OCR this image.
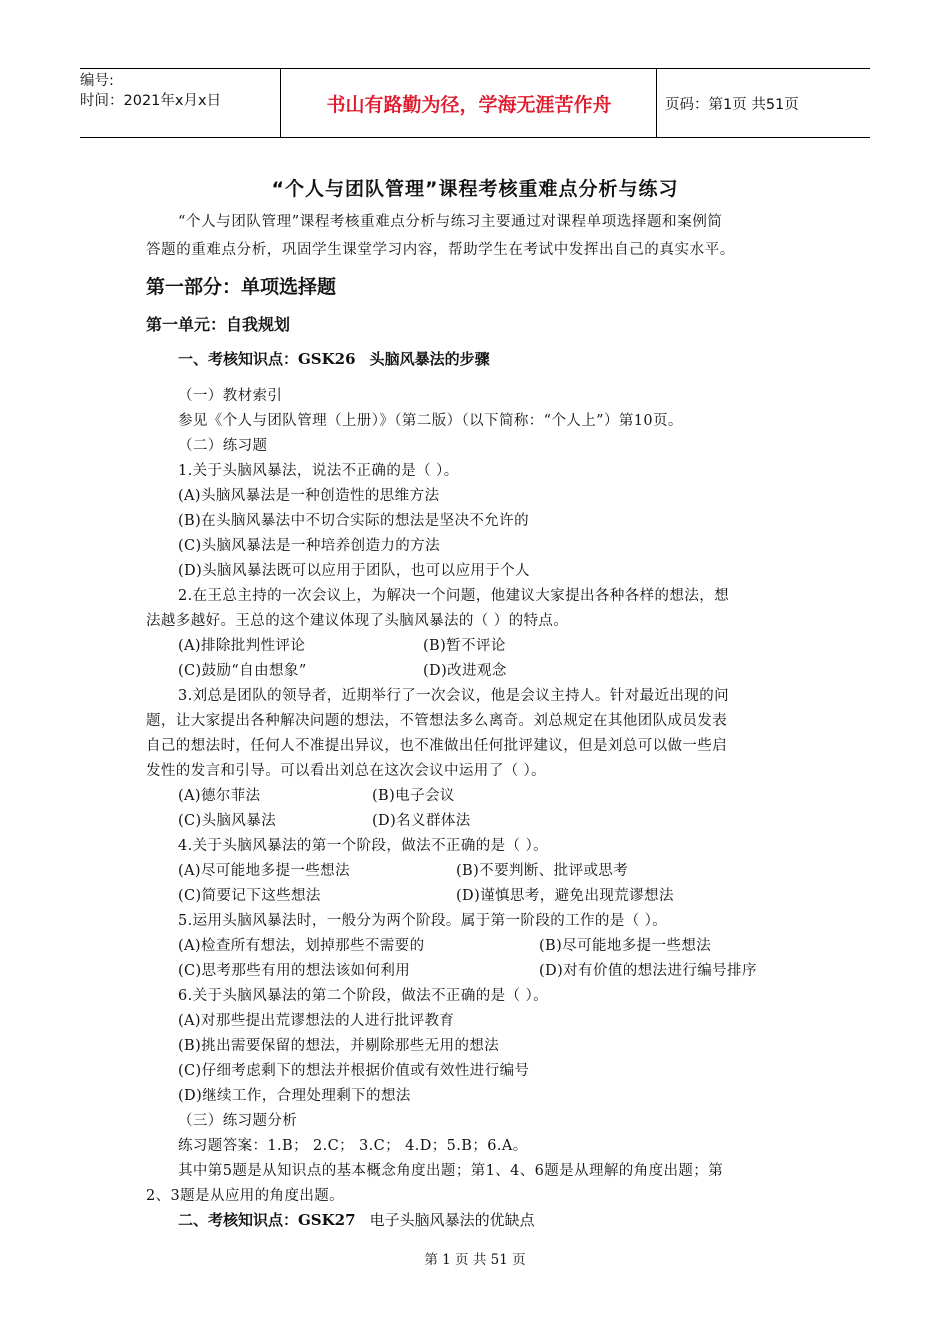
编号:
时间：2021年x月x日	书山有路勤为径，学海无涯苦作舟	页码：第1页 共51页
“个人与团队管理”课程考核重难点分析与练习
“个人与团队管理”课程考核重难点分析与练习主要通过对课程单项选择题和案例简
答题的重难点分析，巩固学生课堂学习内容，帮助学生在考试中发挥出自己的真实水平。
第一部分：单项选择题
第一单元：自我规划
一、考核知识点：GSK26 头脑风暴法的步骤
（一）教材索引
参见《个人与团队管理（上册）》（第二版）（以下简称：“个人上”）第10页。
（二）练习题
1.关于头脑风暴法，说法不正确的是（ ）。
(A)头脑风暴法是一种创造性的思维方法
(B)在头脑风暴法中不切合实际的想法是坚决不允许的
(C)头脑风暴法是一种培养创造力的方法
(D)头脑风暴法既可以应用于团队，也可以应用于个人
2.在王总主持的一次会议上，为解决一个问题，他建议大家提出各种各样的想法，想
法越多越好。王总的这个建议体现了头脑风暴法的（ ）的特点。
(A)排除批判性评论	(B)暂不评论
(C)鼓励“自由想象”	(D)改进观念
3.刘总是团队的领导者，近期举行了一次会议，他是会议主持人。针对最近出现的问
题，让大家提出各种解决问题的想法，不管想法多么离奇。刘总规定在其他团队成员发表
自己的想法时，任何人不准提出异议，也不准做出任何批评建议，但是刘总可以做一些启
发性的发言和引导。可以看出刘总在这次会议中运用了（ ）。
(A)德尔菲法	(B)电子会议
(C)头脑风暴法	(D)名义群体法
4.关于头脑风暴法的第一个阶段，做法不正确的是（ ）。
(A)尽可能地多提一些想法	(B)不要判断、批评或思考
(C)简要记下这些想法	(D)谨慎思考，避免出现荒谬想法
5.运用头脑风暴法时，一般分为两个阶段。属于第一阶段的工作的是（ ）。
(A)检查所有想法，划掉那些不需要的	(B)尽可能地多提一些想法
(C)思考那些有用的想法该如何利用	(D)对有价值的想法进行编号排序
6.关于头脑风暴法的第二个阶段，做法不正确的是（ ）。
(A)对那些提出荒谬想法的人进行批评教育
(B)挑出需要保留的想法，并剔除那些无用的想法
(C)仔细考虑剩下的想法并根据价值或有效性进行编号
(D)继续工作，合理处理剩下的想法
（三）练习题分析
练习题答案：1.B； 2.C； 3.C； 4.D；5.B；6.A。
其中第5题是从知识点的基本概念角度出题；第1、4、6题是从理解的角度出题；第
2、3题是从应用的角度出题。
二、考核知识点：GSK27 电子头脑风暴法的优缺点
第 1 页 共 51 页
